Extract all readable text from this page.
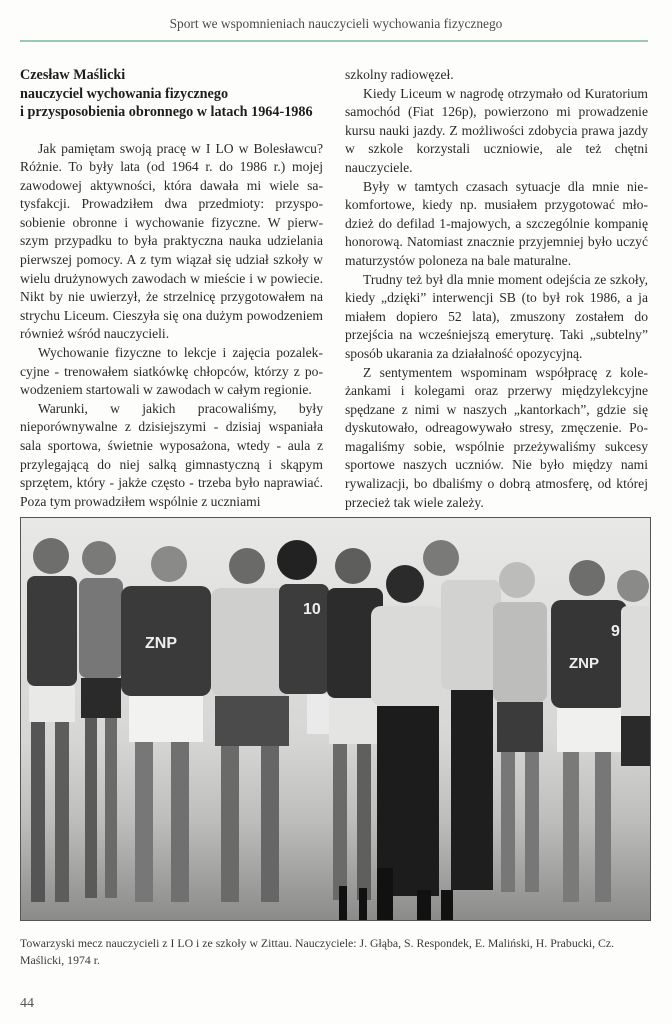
Sport we wspomnieniach nauczycieli wychowania fizycznego
Czesław Maślicki
nauczyciel wychowania fizycznego
i przysposobienia obronnego w latach 1964-1986

Jak pamiętam swoją pracę w I LO w Bolesławcu? Różnie. To były lata (od 1964 r. do 1986 r.) mojej zawodowej aktywności, która dawała mi wiele satysfakcji. Prowadziłem dwa przedmioty: przysposobienie obronne i wychowanie fizyczne. W pierwszym przypadku to była praktyczna nauka udzielania pierwszej pomocy. A z tym wiązał się udział szkoły w wielu drużynowych zawodach w mieście i w powiecie. Nikt by nie uwierzył, że strzelnicę przygotowałem na strychu Liceum. Cieszyła się ona dużym powodzeniem również wśród nauczycieli.

Wychowanie fizyczne to lekcje i zajęcia pozalekcyjne - trenowałem siatkówkę chłopców, którzy z powodzeniem startowali w zawodach w całym regionie.

Warunki, w jakich pracowaliśmy, były nieporównywalne z dzisiejszymi - dzisiaj wspaniała sala sportowa, świetnie wyposażona, wtedy - aula z przylegającą do niej salką gimnastyczną i skąpym sprzętem, który - jakże często - trzeba było naprawiać. Poza tym prowadziłem wspólnie z uczniami

szkolny radiowęzeł.

Kiedy Liceum w nagrodę otrzymało od Kuratorium samochód (Fiat 126p), powierzono mi prowadzenie kursu nauki jazdy. Z możliwości zdobycia prawa jazdy w szkole korzystali uczniowie, ale też chętni nauczyciele.

Były w tamtych czasach sytuacje dla mnie niekomfortowe, kiedy np. musiałem przygotować młodzież do defilad 1-majowych, a szczególnie kompanię honorową. Natomiast znacznie przyjemniej było uczyć maturzystów poloneza na bale maturalne.

Trudny też był dla mnie moment odejścia ze szkoły, kiedy „dzięki” interwencji SB (to był rok 1986, a ja miałem dopiero 52 lata), zmuszony zostałem do przejścia na wcześniejszą emeryturę. Taki „subtelny” sposób ukarania za działalność opozycyjną.

Z sentymentem wspominam współpracę z koleżankami i kolegami oraz przerwy międzylekcyjne spędzane z nimi w naszych „kantorkach”, gdzie się dyskutowało, odreagowywało stresy, zmęczenie. Pomagaliśmy sobie, wspólnie przeżywaliśmy sukcesy sportowe naszych uczniów. Nie było między nami rywalizacji, bo dbaliśmy o dobrą atmosferę, od której przecież tak wiele zależy.

ZNP
10
ZNP
9
Towarzyski mecz nauczycieli z I LO i ze szkoły w Zittau. Nauczyciele: J. Głąba, S. Respondek, E. Maliński, H. Prabucki, Cz. Maślicki, 1974 r.
44
